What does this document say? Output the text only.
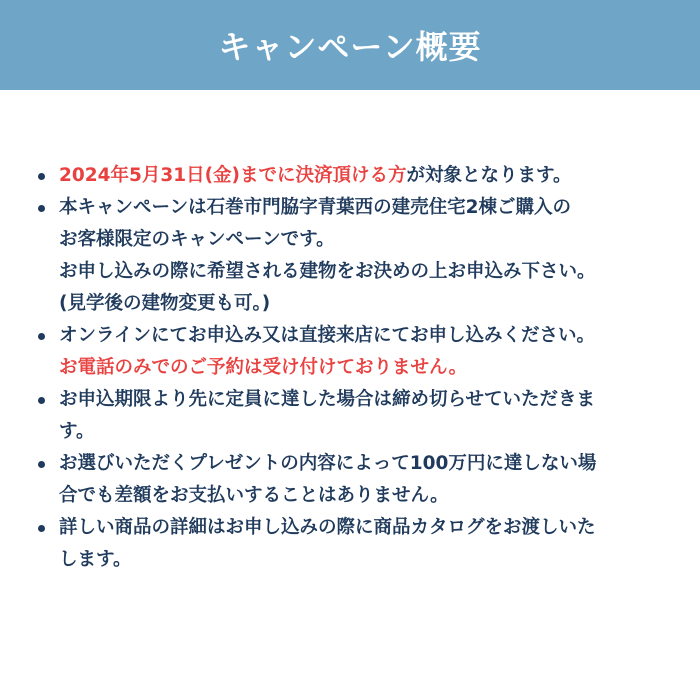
キャンペーン概要
2024年5月31日(金)までに決済頂ける方が対象となります。
本キャンペーンは石巻市門脇字青葉西の建売住宅2棟ご購入の
お客様限定のキャンペーンです。
お申し込みの際に希望される建物をお決めの上お申込み下さい。
(見学後の建物変更も可。)
オンラインにてお申込み又は直接来店にてお申し込みください。
お電話のみでのご予約は受け付けておりません。
お申込期限より先に定員に達した場合は締め切らせていただきま
す。
お選びいただくプレゼントの内容によって100万円に達しない場
合でも差額をお支払いすることはありません。
詳しい商品の詳細はお申し込みの際に商品カタログをお渡しいた
します。
